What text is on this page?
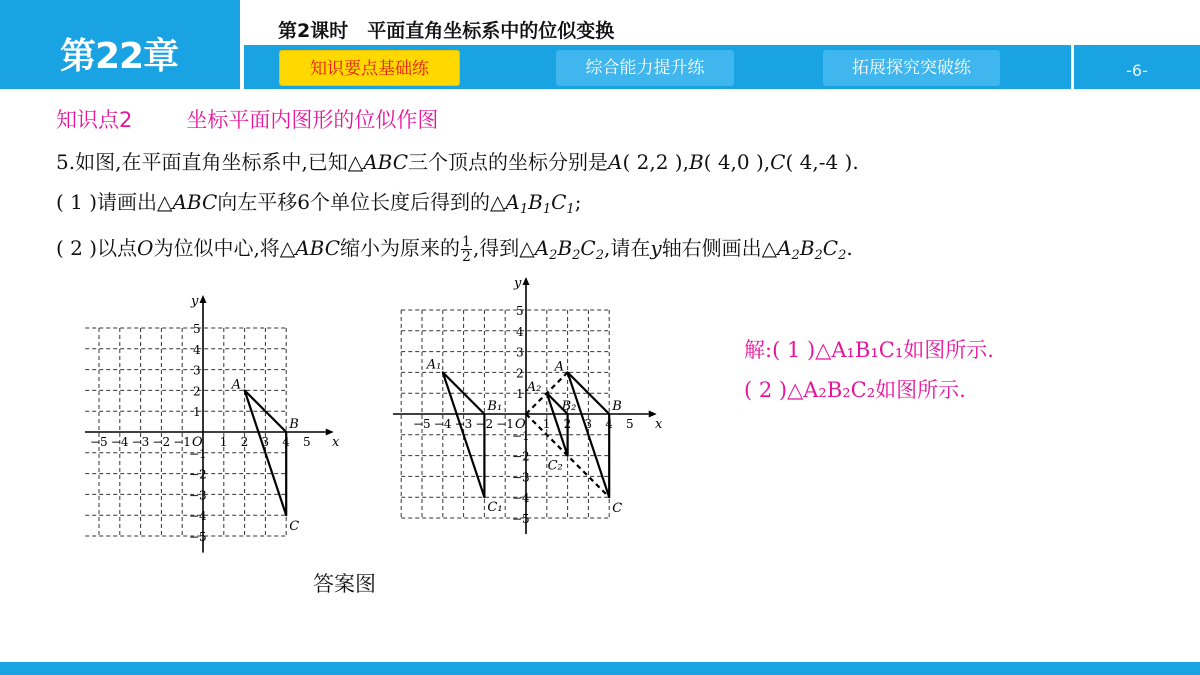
第22章
第2课时　平面直角坐标系中的位似变换
知识要点基础练	综合能力提升练	拓展探究突破练	-6-
知识点2	坐标平面内图形的位似作图
5.如图,在平面直角坐标系中,已知△ABC三个顶点的坐标分别是A( 2,2 ),B( 4,0 ),C( 4,-4 ).
( 1 )请画出△ABC向左平移6个单位长度后得到的$\triangle A_1B_1C_1$;
( 2 )以点O为位似中心,将△ABC缩小为原来的 $\frac{1}{2}$ ,得到$\triangle A_2B_2C_2$,请在y轴右侧画出$\triangle A_2B_2C_2$.
解:( 1 )△A₁B₁C₁如图所示.
( 2 )△A₂B₂C₂如图所示.
x
y
O
−5 −4 −3 −2 −1 1 2 3 4 5
5
4
3
2
1
−1
−2
−3
−4
−5
A
B
C
x
y
O
−5 −4 −3 −2 −1 1 2 3 4 5
5
4
3
2
1
−1
−2
−3
−4
−5
A
B
C
A₁
B₁
C₁
A₂
B₂
C₂
答案图
